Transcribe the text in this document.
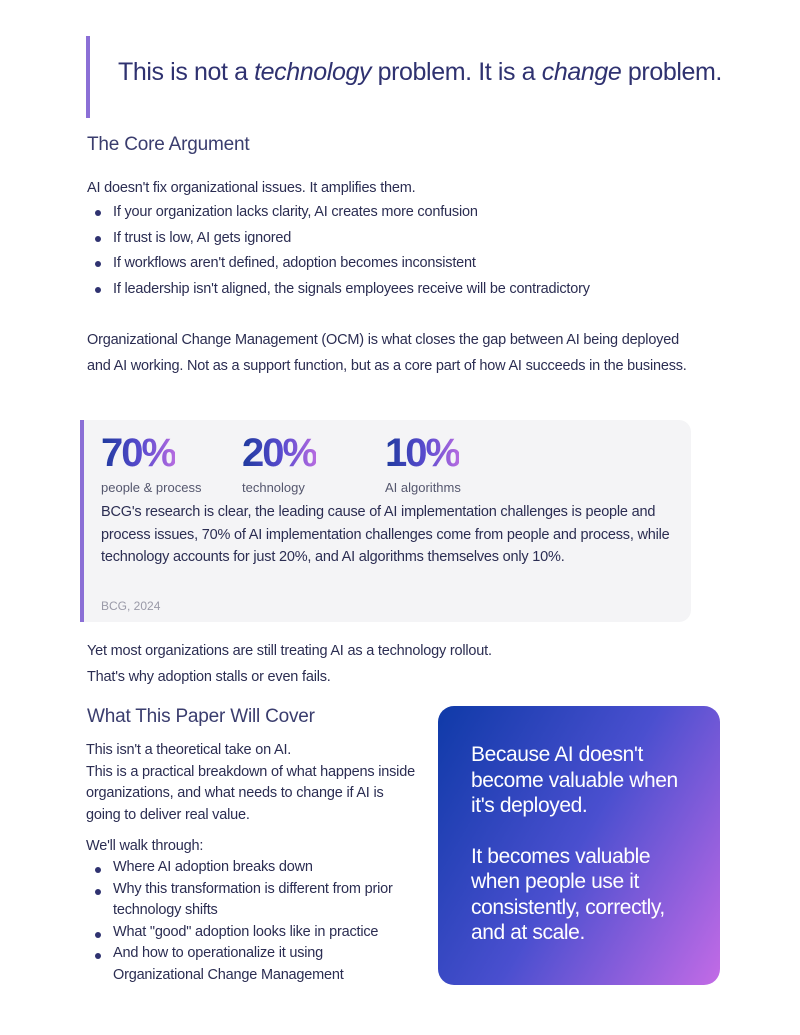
This is not a technology problem. It is a change problem.
The Core Argument
AI doesn't fix organizational issues. It amplifies them.
If your organization lacks clarity, AI creates more confusion
If trust is low, AI gets ignored
If workflows aren't defined, adoption becomes inconsistent
If leadership isn't aligned, the signals employees receive will be contradictory
Organizational Change Management (OCM) is what closes the gap between AI being deployed and AI working. Not as a support function, but as a core part of how AI succeeds in the business.
70%
people & process
20%
technology
10%
AI algorithms
BCG's research is clear, the leading cause of AI implementation challenges is people and process issues, 70% of AI implementation challenges come from people and process, while technology accounts for just 20%, and AI algorithms themselves only 10%.
BCG, 2024
Yet most organizations are still treating AI as a technology rollout.
That's why adoption stalls or even fails.
What This Paper Will Cover
This isn't a theoretical take on AI.
This is a practical breakdown of what happens inside organizations, and what needs to change if AI is going to deliver real value.
We'll walk through:
Where AI adoption breaks down
Why this transformation is different from prior technology shifts
What "good" adoption looks like in practice
And how to operationalize it using Organizational Change Management
Because AI doesn't become valuable when it's deployed.
It becomes valuable when people use it consistently, correctly, and at scale.
